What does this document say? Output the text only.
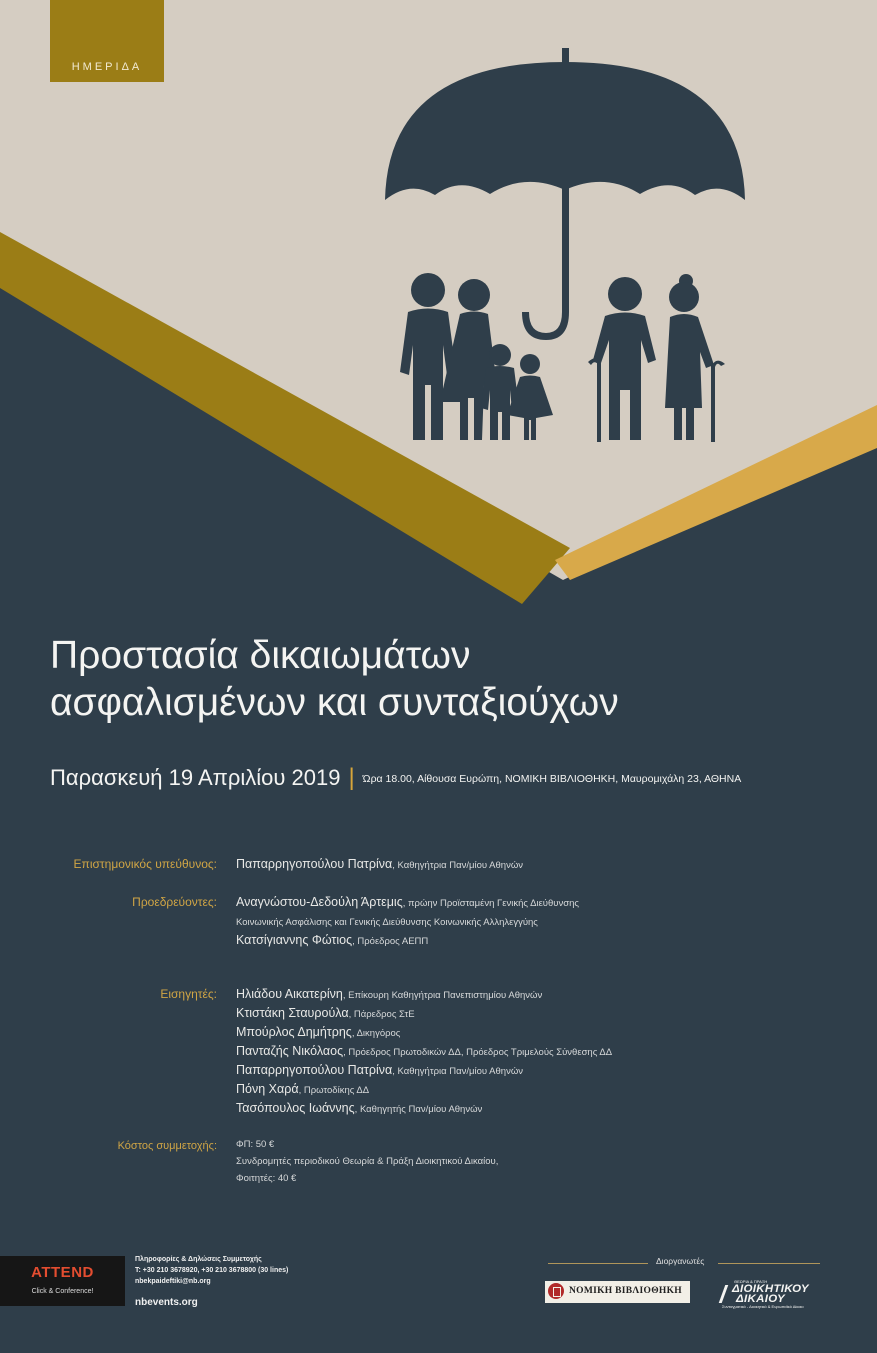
ΗΜΕΡΙΔΑ
Προστασία δικαιωμάτων
ασφαλισμένων και συνταξιούχων
Παρασκευή 19 Απριλίου 2019 | Ώρα 18.00, Αίθουσα Ευρώπη, ΝΟΜΙΚΗ ΒΙΒΛΙΟΘΗΚΗ, Μαυρομιχάλη 23, ΑΘΗΝΑ
Επιστημονικός υπεύθυνος: Παπαρρηγοπούλου Πατρίνα, Καθηγήτρια Παν/μίου Αθηνών
Προεδρεύοντες: Αναγνώστου-Δεδούλη Άρτεμις, πρώην Προϊσταμένη Γενικής Διεύθυνσης
Κοινωνικής Ασφάλισης και Γενικής Διεύθυνσης Κοινωνικής Αλληλεγγύης
Κατσίγιαννης Φώτιος, Πρόεδρος ΑΕΠΠ
Εισηγητές: Ηλιάδου Αικατερίνη, Επίκουρη Καθηγήτρια Πανεπιστημίου Αθηνών
Κτιστάκη Σταυρούλα, Πάρεδρος ΣτΕ
Μπούρλος Δημήτρης, Δικηγόρος
Πανταζής Νικόλαος, Πρόεδρος Πρωτοδικών ΔΔ, Πρόεδρος Τριμελούς Σύνθεσης ΔΔ
Παπαρρηγοπούλου Πατρίνα, Καθηγήτρια Παν/μίου Αθηνών
Πόνη Χαρά, Πρωτοδίκης ΔΔ
Τασόπουλος Ιωάννης, Καθηγητής Παν/μίου Αθηνών
Κόστος συμμετοχής: ΦΠ: 50 €
Συνδρομητές περιοδικού Θεωρία & Πράξη Διοικητικού Δικαίου,
Φοιτητές: 40 €
ATTEND
Click & Conference!
Πληροφορίες & Δηλώσεις Συμμετοχής
T: +30 210 3678920, +30 210 3678800 (30 lines)
nbekpaideftiki@nb.org
nbevents.org
Διοργανωτές
ΝΟΜΙΚΗ ΒΙΒΛΙΟΘΗΚΗ
ΘΕΩΡΙΑ & ΠΡΑΞΗ
ΔΙΟΙΚΗΤΙΚΟΥ
ΔΙΚΑΙΟΥ
Συνταγματικό - Διοικητικό & Ευρωπαϊκό Δίκαιο
